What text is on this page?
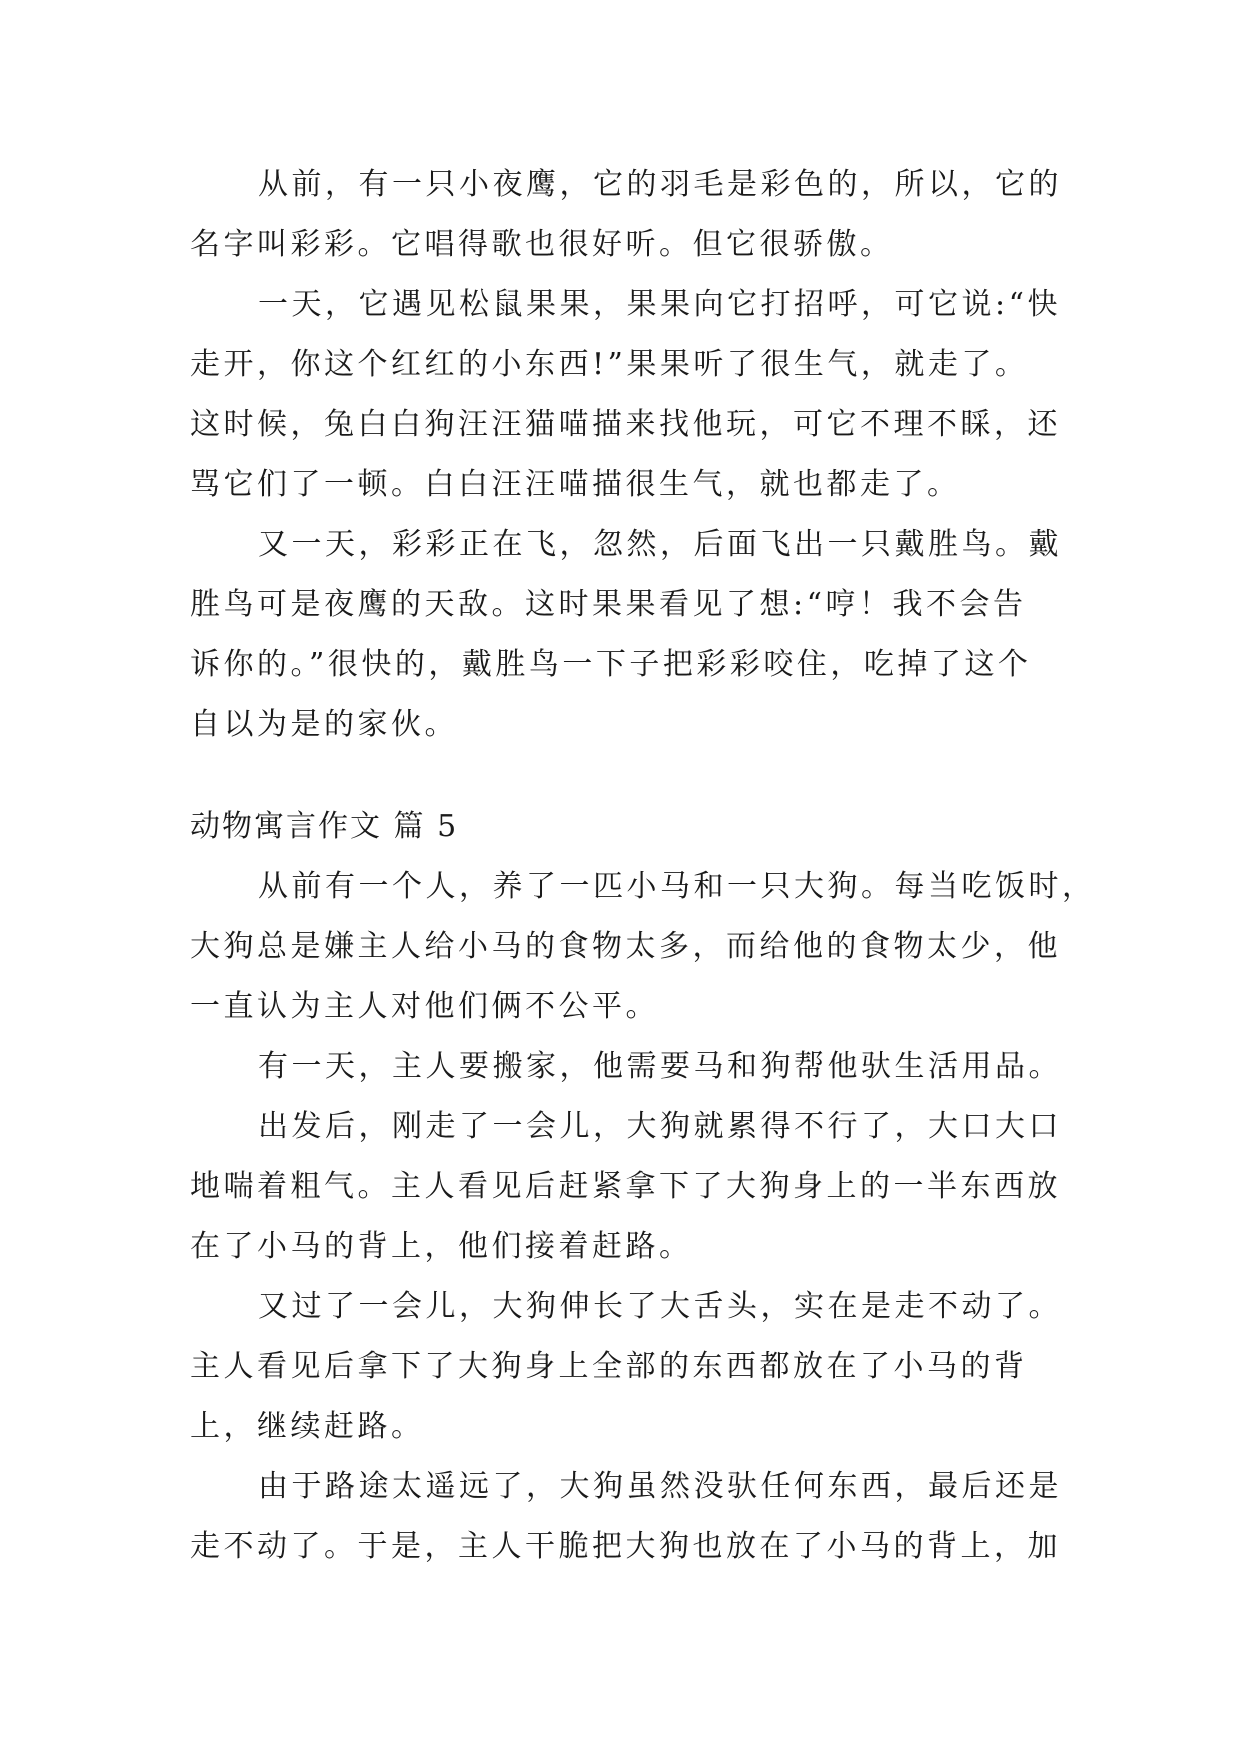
从前，有一只小夜鹰，它的羽毛是彩色的，所以，它的
名字叫彩彩。它唱得歌也很好听。但它很骄傲。
一天，它遇见松鼠果果，果果向它打招呼，可它说:“快
走开，你这个红红的小东西!”果果听了很生气，就走了。
这时候，兔白白狗汪汪猫喵描来找他玩，可它不理不睬，还
骂它们了一顿。白白汪汪喵描很生气，就也都走了。
又一天，彩彩正在飞，忽然，后面飞出一只戴胜鸟。戴
胜鸟可是夜鹰的天敌。这时果果看见了想:“哼！我不会告
诉你的。”很快的，戴胜鸟一下子把彩彩咬住，吃掉了这个
自以为是的家伙。
动物寓言作文 篇 5
从前有一个人，养了一匹小马和一只大狗。每当吃饭时，
大狗总是嫌主人给小马的食物太多，而给他的食物太少，他
一直认为主人对他们俩不公平。
有一天，主人要搬家，他需要马和狗帮他驮生活用品。
出发后，刚走了一会儿，大狗就累得不行了，大口大口
地喘着粗气。主人看见后赶紧拿下了大狗身上的一半东西放
在了小马的背上，他们接着赶路。
又过了一会儿，大狗伸长了大舌头，实在是走不动了。
主人看见后拿下了大狗身上全部的东西都放在了小马的背
上，继续赶路。
由于路途太遥远了，大狗虽然没驮任何东西，最后还是
走不动了。于是，主人干脆把大狗也放在了小马的背上，加
